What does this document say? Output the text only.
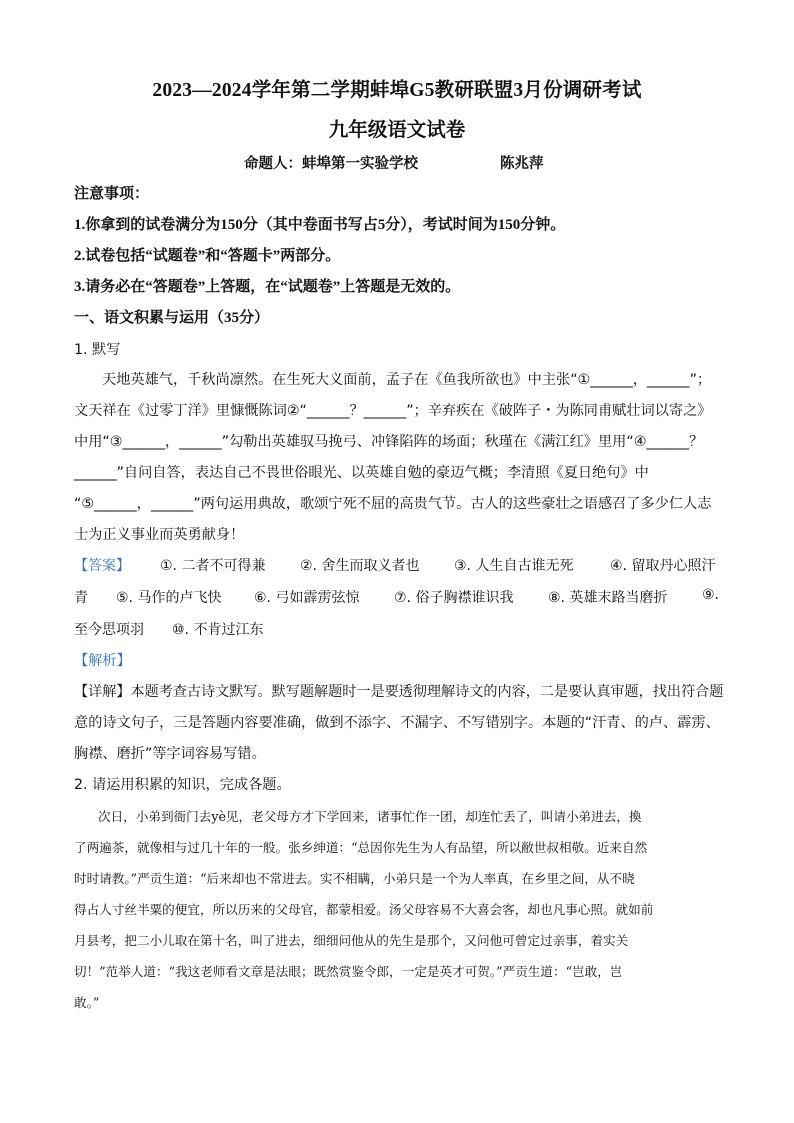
2023—2024学年第二学期蚌埠G5教研联盟3月份调研考试
九年级语文试卷
命题人：蚌埠第一实验学校	陈兆萍
注意事项：
1.你拿到的试卷满分为150分（其中卷面书写占5分），考试时间为150分钟。
2.试卷包括“试题卷”和“答题卡”两部分。
3.请务必在“答题卷”上答题，在“试题卷”上答题是无效的。
一、语文积累与运用（35分）
1. 默写
天地英雄气，千秋尚凛然。在生死大义面前，孟子在《鱼我所欲也》中主张“①______，______”；
文天祥在《过零丁洋》里慷慨陈词②“______？______”；辛弃疾在《破阵子・为陈同甫赋壮词以寄之》
中用“③______，______”勾勒出英雄驭马挽弓、冲锋陷阵的场面；秋瑾在《满江红》里用“④______？
______”自问自答，表达自己不畏世俗眼光、以英雄自勉的豪迈气概；李清照《夏日绝句》中
“⑤______，______”两句运用典故，歌颂宁死不屈的高贵气节。古人的这些豪壮之语感召了多少仁人志
士为正义事业而英勇献身！
【答案】 ①. 二者不可得兼 ②. 舍生而取义者也 ③. 人生自古谁无死	④. 留取丹心照汗
青 ⑤. 马作的卢飞快 ⑥. 弓如霹雳弦惊 ⑦. 俗子胸襟谁识我 ⑧. 英雄末路当磨折 ⑨.
至今思项羽 ⑩. 不肯过江东
【解析】
【详解】本题考查古诗文默写。默写题解题时一是要透彻理解诗文的内容，二是要认真审题，找出符合题
意的诗文句子，三是答题内容要准确，做到不添字、不漏字、不写错别字。本题的“汗青、的卢、霹雳、
胸襟、磨折”等字词容易写错。
2. 请运用积累的知识，完成各题。
次日，小弟到衙门去yè见，老父母方才下学回来，诸事忙作一团，却连忙丢了，叫请小弟进去，換
了两遍茶，就像相与过几十年的一般。张乡绅道：“总因你先生为人有品望，所以敝世叔相敬。近来自然
时时请教。”严贡生道：“后来却也不常进去。实不相瞒，小弟只是一个为人率真，在乡里之间，从不晓
得占人寸丝半粟的便宜，所以历来的父母官，都蒙相爱。汤父母容易不大喜会客，却也凡事心照。就如前
月县考，把二小儿取在第十名，叫了进去，细细问他从的先生是那个，又问他可曾定过亲事，着实关
切！”范举人道：“我这老师看文章是法眼；既然赏鉴令郎，一定是英才可贺。”严贡生道：“岂敢，岂
敢。”
